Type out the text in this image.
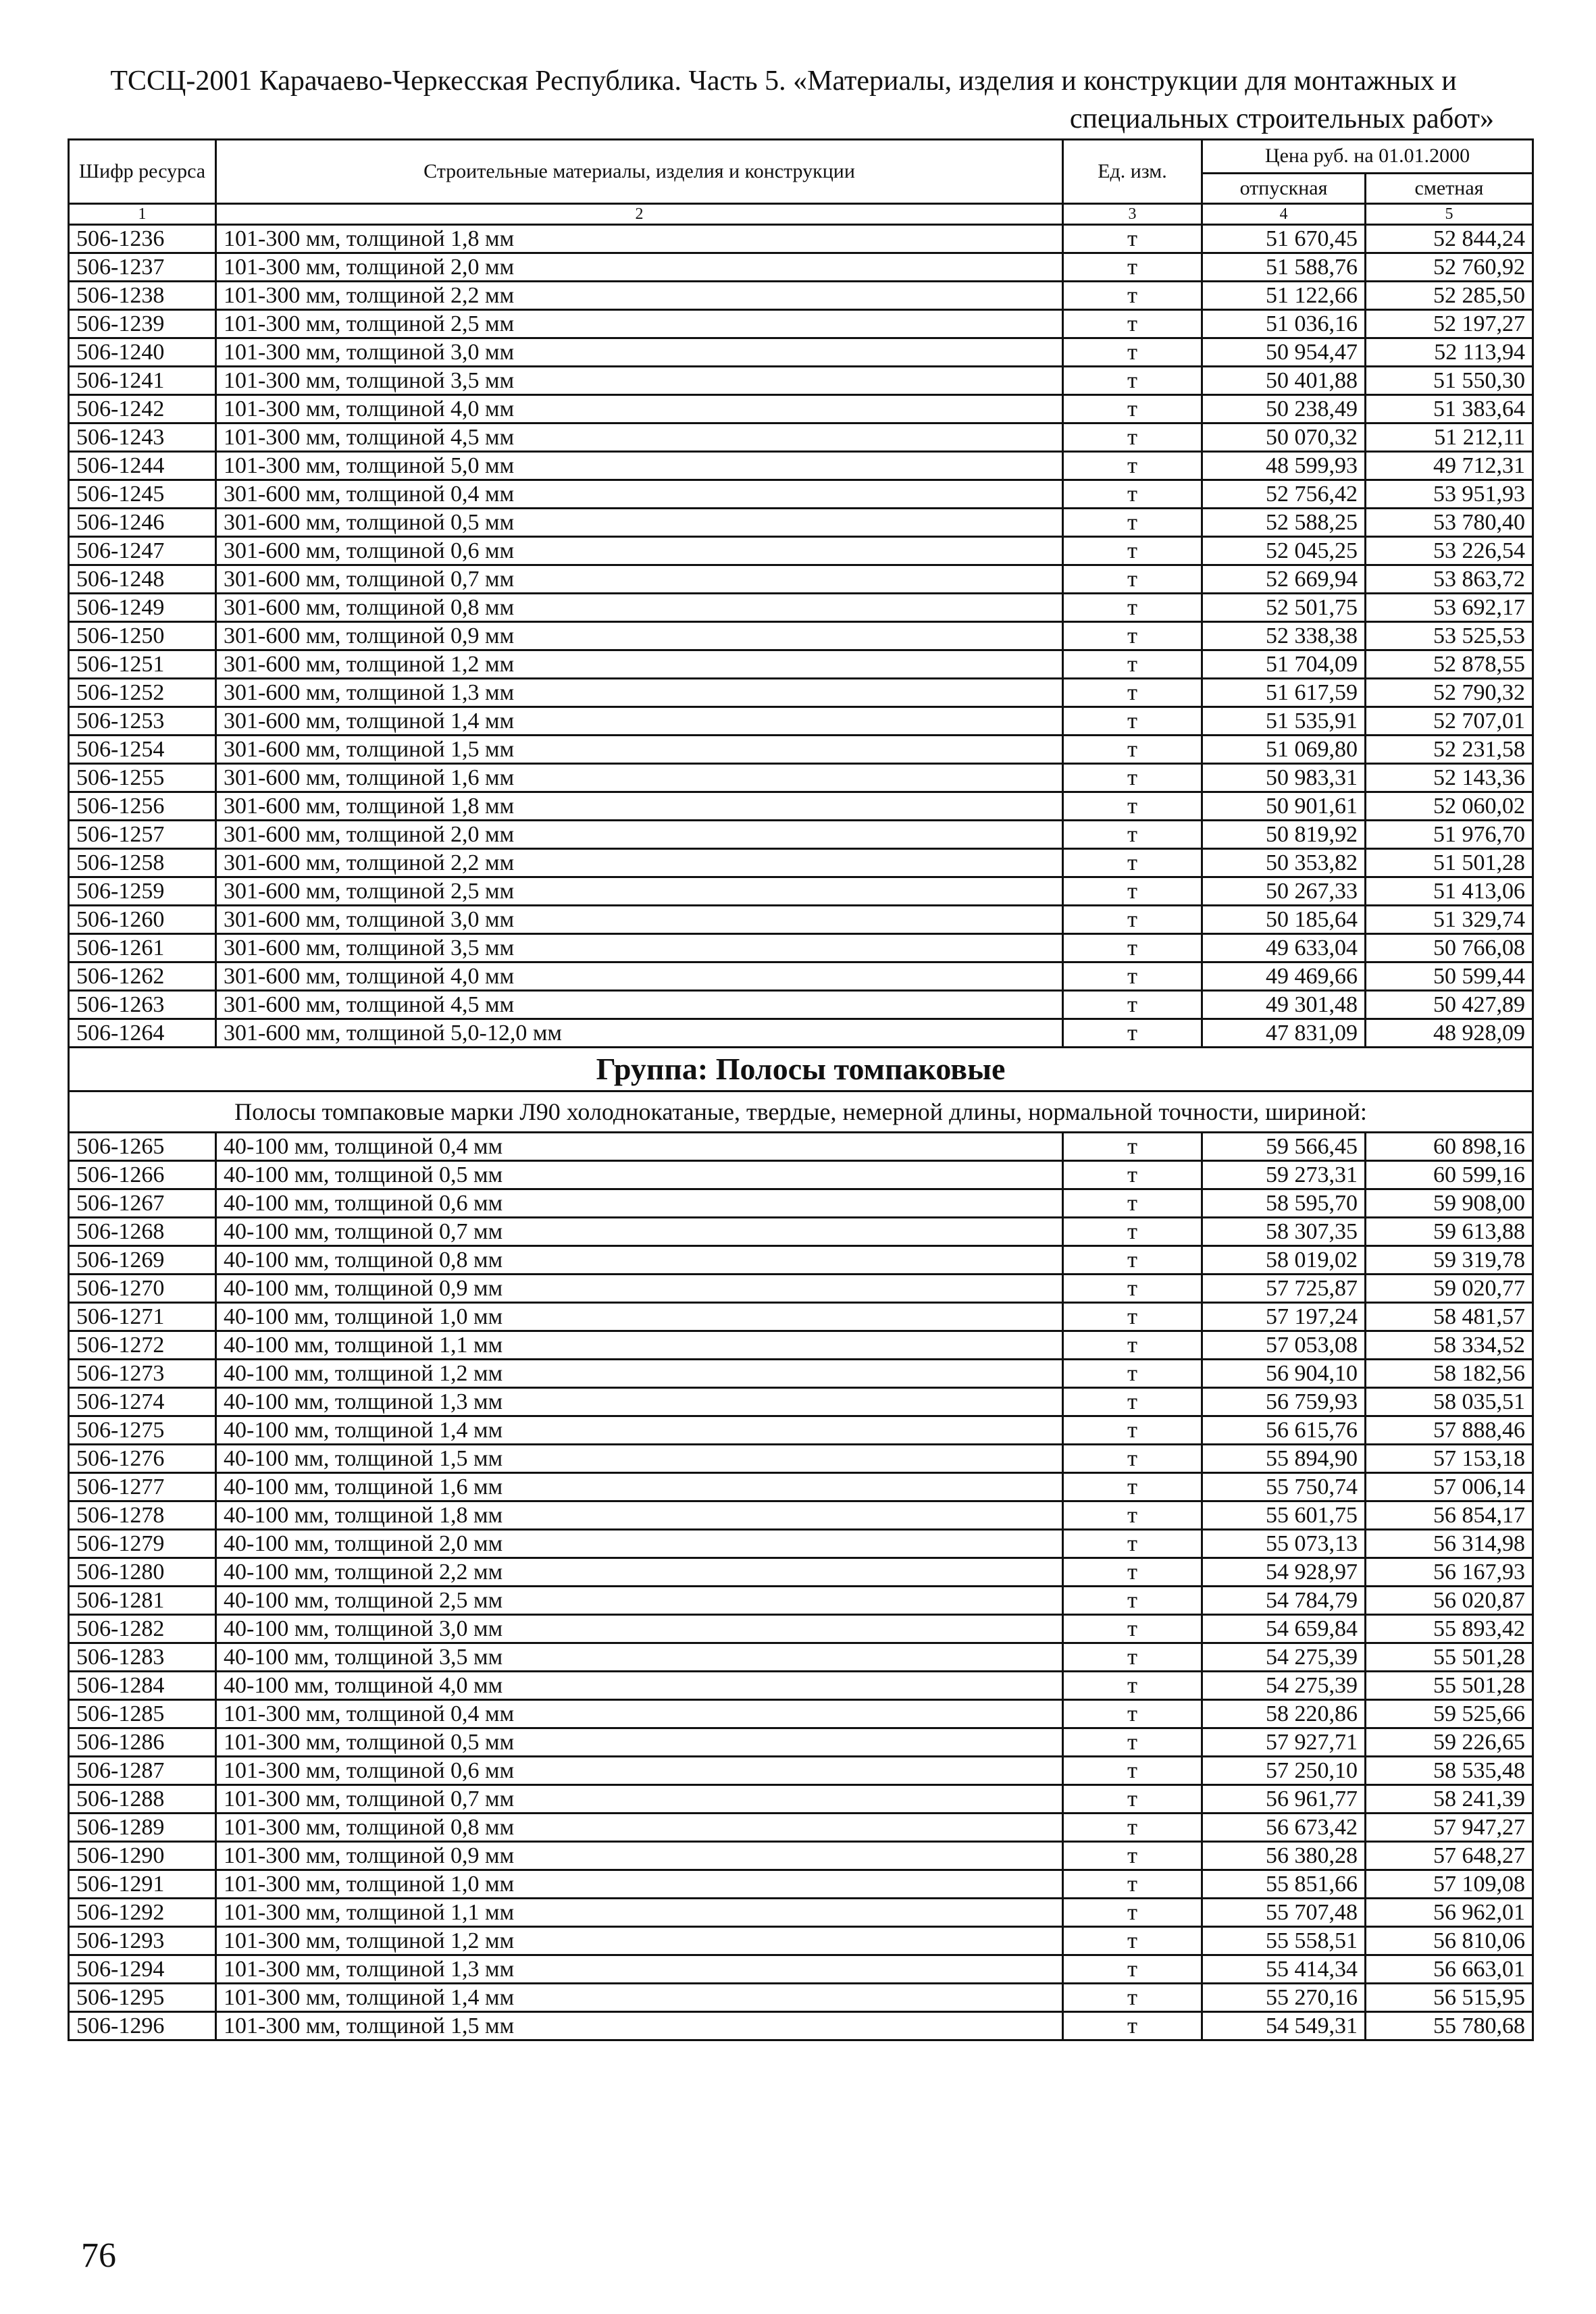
ТССЦ-2001 Карачаево-Черкесская Республика. Часть 5. «Материалы, изделия и конструкции для монтажных и
специальных строительных работ»
Шифр ресурса	Строительные материалы, изделия и конструкции	Ед. изм.	Цена руб. на 01.01.2000	
			отпускная	сметная
1	2	3	4	5
506-1236	101-300 мм, толщиной 1,8 мм	т	51 670,45	52 844,24
506-1237	101-300 мм, толщиной 2,0 мм	т	51 588,76	52 760,92
506-1238	101-300 мм, толщиной 2,2 мм	т	51 122,66	52 285,50
506-1239	101-300 мм, толщиной 2,5 мм	т	51 036,16	52 197,27
506-1240	101-300 мм, толщиной 3,0 мм	т	50 954,47	52 113,94
506-1241	101-300 мм, толщиной 3,5 мм	т	50 401,88	51 550,30
506-1242	101-300 мм, толщиной 4,0 мм	т	50 238,49	51 383,64
506-1243	101-300 мм, толщиной 4,5 мм	т	50 070,32	51 212,11
506-1244	101-300 мм, толщиной 5,0 мм	т	48 599,93	49 712,31
506-1245	301-600 мм, толщиной 0,4 мм	т	52 756,42	53 951,93
506-1246	301-600 мм, толщиной 0,5 мм	т	52 588,25	53 780,40
506-1247	301-600 мм, толщиной 0,6 мм	т	52 045,25	53 226,54
506-1248	301-600 мм, толщиной 0,7 мм	т	52 669,94	53 863,72
506-1249	301-600 мм, толщиной 0,8 мм	т	52 501,75	53 692,17
506-1250	301-600 мм, толщиной 0,9 мм	т	52 338,38	53 525,53
506-1251	301-600 мм, толщиной 1,2 мм	т	51 704,09	52 878,55
506-1252	301-600 мм, толщиной 1,3 мм	т	51 617,59	52 790,32
506-1253	301-600 мм, толщиной 1,4 мм	т	51 535,91	52 707,01
506-1254	301-600 мм, толщиной 1,5 мм	т	51 069,80	52 231,58
506-1255	301-600 мм, толщиной 1,6 мм	т	50 983,31	52 143,36
506-1256	301-600 мм, толщиной 1,8 мм	т	50 901,61	52 060,02
506-1257	301-600 мм, толщиной 2,0 мм	т	50 819,92	51 976,70
506-1258	301-600 мм, толщиной 2,2 мм	т	50 353,82	51 501,28
506-1259	301-600 мм, толщиной 2,5 мм	т	50 267,33	51 413,06
506-1260	301-600 мм, толщиной 3,0 мм	т	50 185,64	51 329,74
506-1261	301-600 мм, толщиной 3,5 мм	т	49 633,04	50 766,08
506-1262	301-600 мм, толщиной 4,0 мм	т	49 469,66	50 599,44
506-1263	301-600 мм, толщиной 4,5 мм	т	49 301,48	50 427,89
506-1264	301-600 мм, толщиной 5,0-12,0 мм	т	47 831,09	48 928,09
Группа: Полосы томпаковые				
Полосы томпаковые марки Л90 холоднокатаные, твердые, немерной длины, нормальной точности, шириной:				
506-1265	40-100 мм, толщиной 0,4 мм	т	59 566,45	60 898,16
506-1266	40-100 мм, толщиной 0,5 мм	т	59 273,31	60 599,16
506-1267	40-100 мм, толщиной 0,6 мм	т	58 595,70	59 908,00
506-1268	40-100 мм, толщиной 0,7 мм	т	58 307,35	59 613,88
506-1269	40-100 мм, толщиной 0,8 мм	т	58 019,02	59 319,78
506-1270	40-100 мм, толщиной 0,9 мм	т	57 725,87	59 020,77
506-1271	40-100 мм, толщиной 1,0 мм	т	57 197,24	58 481,57
506-1272	40-100 мм, толщиной 1,1 мм	т	57 053,08	58 334,52
506-1273	40-100 мм, толщиной 1,2 мм	т	56 904,10	58 182,56
506-1274	40-100 мм, толщиной 1,3 мм	т	56 759,93	58 035,51
506-1275	40-100 мм, толщиной 1,4 мм	т	56 615,76	57 888,46
506-1276	40-100 мм, толщиной 1,5 мм	т	55 894,90	57 153,18
506-1277	40-100 мм, толщиной 1,6 мм	т	55 750,74	57 006,14
506-1278	40-100 мм, толщиной 1,8 мм	т	55 601,75	56 854,17
506-1279	40-100 мм, толщиной 2,0 мм	т	55 073,13	56 314,98
506-1280	40-100 мм, толщиной 2,2 мм	т	54 928,97	56 167,93
506-1281	40-100 мм, толщиной 2,5 мм	т	54 784,79	56 020,87
506-1282	40-100 мм, толщиной 3,0 мм	т	54 659,84	55 893,42
506-1283	40-100 мм, толщиной 3,5 мм	т	54 275,39	55 501,28
506-1284	40-100 мм, толщиной 4,0 мм	т	54 275,39	55 501,28
506-1285	101-300 мм, толщиной 0,4 мм	т	58 220,86	59 525,66
506-1286	101-300 мм, толщиной 0,5 мм	т	57 927,71	59 226,65
506-1287	101-300 мм, толщиной 0,6 мм	т	57 250,10	58 535,48
506-1288	101-300 мм, толщиной 0,7 мм	т	56 961,77	58 241,39
506-1289	101-300 мм, толщиной 0,8 мм	т	56 673,42	57 947,27
506-1290	101-300 мм, толщиной 0,9 мм	т	56 380,28	57 648,27
506-1291	101-300 мм, толщиной 1,0 мм	т	55 851,66	57 109,08
506-1292	101-300 мм, толщиной 1,1 мм	т	55 707,48	56 962,01
506-1293	101-300 мм, толщиной 1,2 мм	т	55 558,51	56 810,06
506-1294	101-300 мм, толщиной 1,3 мм	т	55 414,34	56 663,01
506-1295	101-300 мм, толщиной 1,4 мм	т	55 270,16	56 515,95
506-1296	101-300 мм, толщиной 1,5 мм	т	54 549,31	55 780,68
76
